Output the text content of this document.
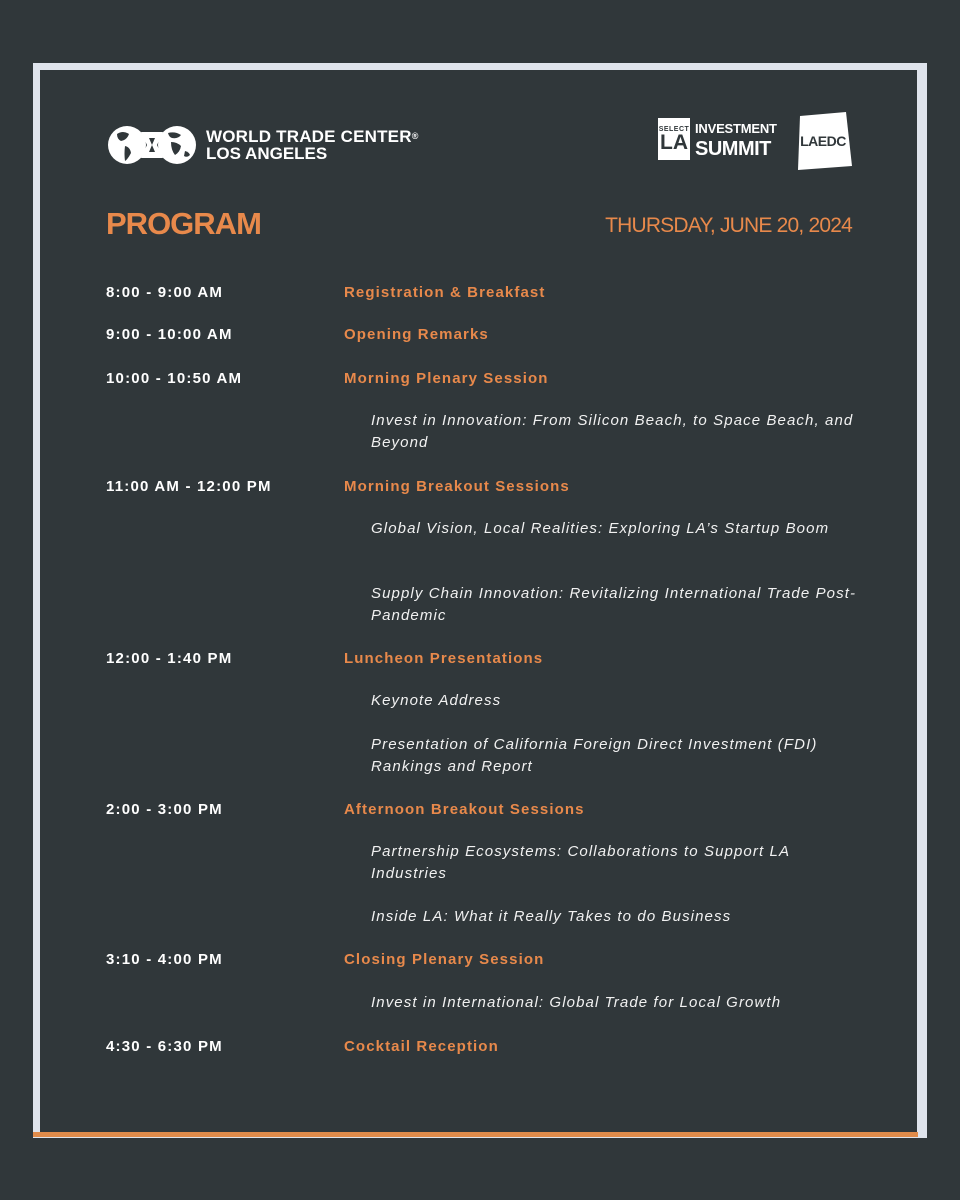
WORLD TRADE CENTER®
LOS ANGELES
SELECT
LA
INVESTMENT
SUMMIT	LAEDC
PROGRAM	THURSDAY, JUNE 20, 2024
8:00 - 9:00 AM	Registration & Breakfast
9:00 - 10:00 AM	Opening Remarks
10:00 - 10:50 AM	Morning Plenary Session
Invest in Innovation: From Silicon Beach, to Space Beach, and Beyond
11:00 AM - 12:00 PM	Morning Breakout Sessions
Global Vision, Local Realities: Exploring LA’s Startup Boom
Supply Chain Innovation: Revitalizing International Trade Post-Pandemic
12:00 - 1:40 PM	Luncheon Presentations
Keynote Address
Presentation of California Foreign Direct Investment (FDI) Rankings and Report
2:00 - 3:00 PM	Afternoon Breakout Sessions
Partnership Ecosystems: Collaborations to Support LA Industries
Inside LA: What it Really Takes to do Business
3:10 - 4:00 PM	Closing Plenary Session
Invest in International: Global Trade for Local Growth
4:30 - 6:30 PM	Cocktail Reception
